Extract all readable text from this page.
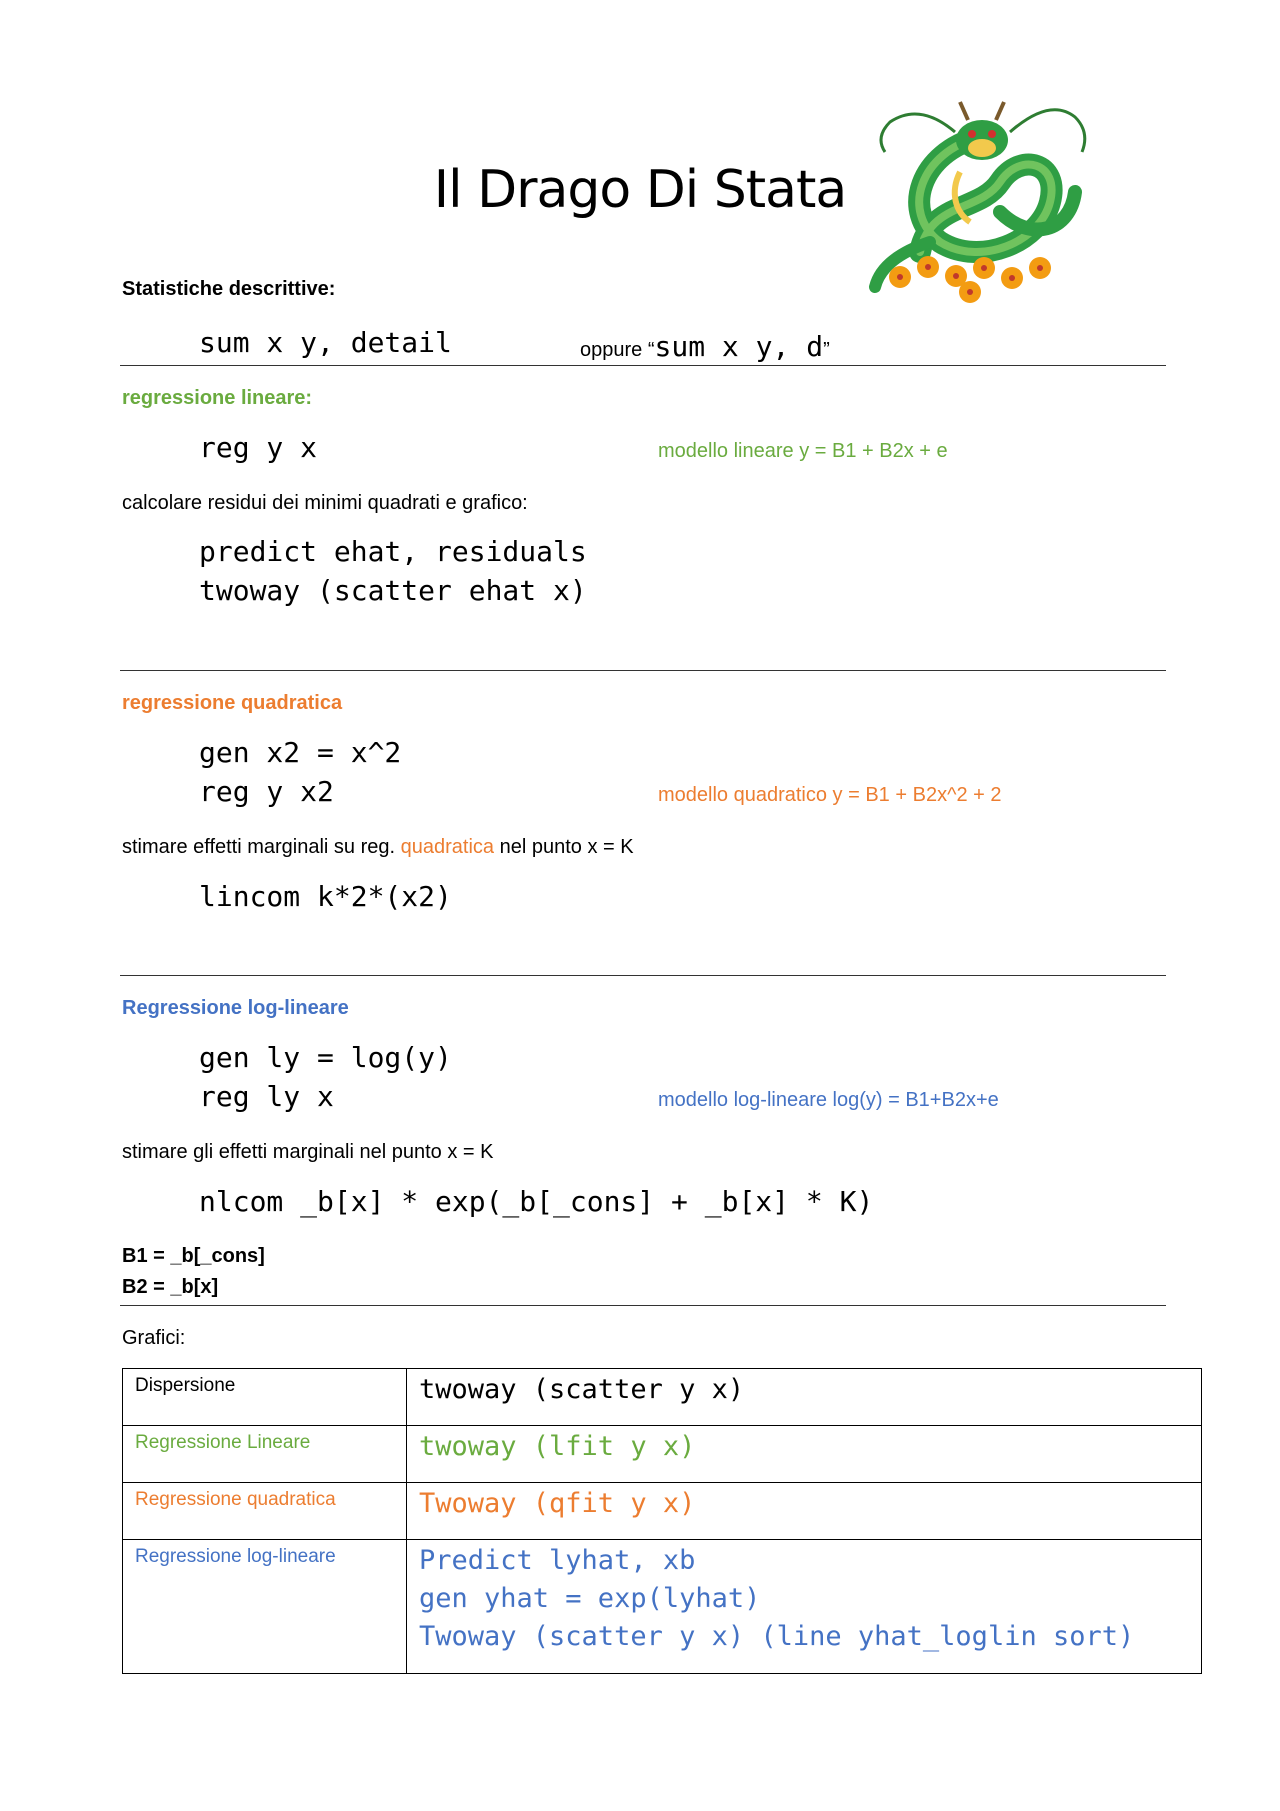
Il Drago Di Stata
Statistiche descrittive:
sum x y, detail	oppure “sum x y, d”
regressione lineare:
reg y x	modello lineare y = B1 + B2x + e
calcolare residui dei minimi quadrati e grafico:
predict ehat, residuals
twoway (scatter ehat x)
regressione quadratica
gen x2 = x^2
reg y x2	modello quadratico y = B1 + B2x^2 + 2
stimare effetti marginali su reg. quadratica nel punto x = K
lincom k*2*(x2)
Regressione log-lineare
gen ly = log(y)
reg ly x	modello log-lineare log(y) = B1+B2x+e
stimare gli effetti marginali nel punto x = K
nlcom _b[x] * exp(_b[_cons] + _b[x] * K)
B1 = _b[_cons]
B2 = _b[x]
Grafici:
Dispersione	twoway (scatter y x)
Regressione Lineare	twoway (lfit y x)
Regressione quadratica	Twoway (qfit y x)
Regressione log-lineare	Predict lyhat, xb
gen yhat = exp(lyhat)
Twoway (scatter y x) (line yhat_loglin sort)
